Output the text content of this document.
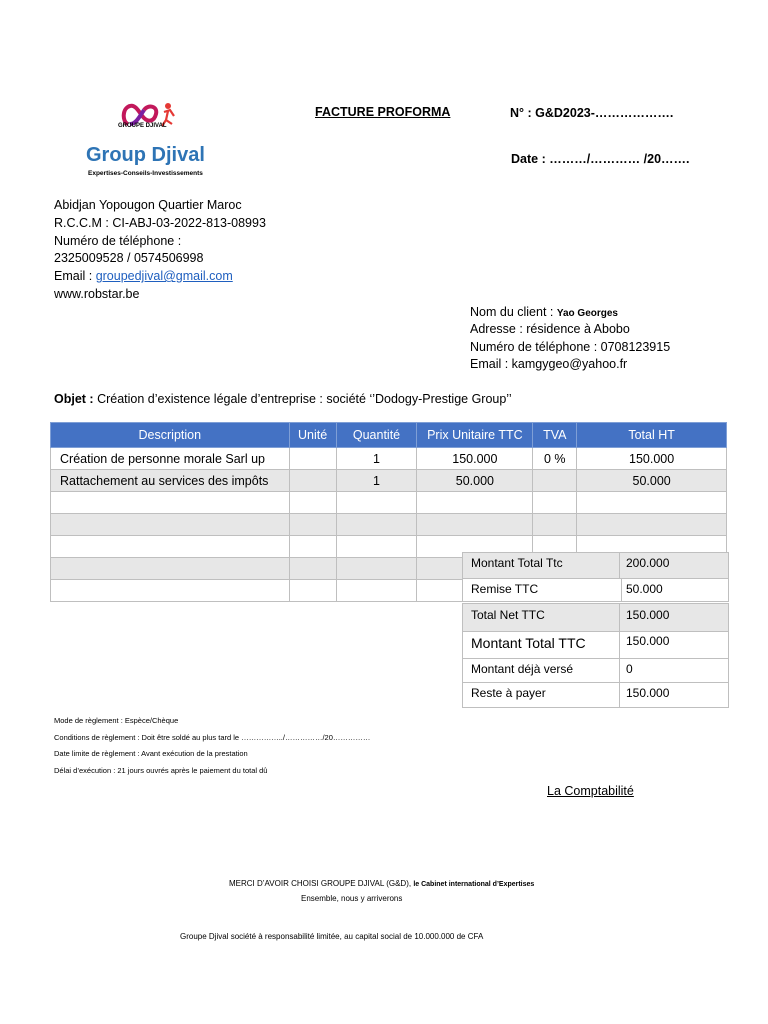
GROUPE DJIVAL
Group Djival
Expertises-Conseils-Investissements
FACTURE PROFORMA	N° : G&D2023-……………….
Date : ………/………… /20…….
Abidjan Yopougon Quartier Maroc
R.C.C.M : CI-ABJ-03-2022-813-08993
Numéro de téléphone :
2325009528 / 0574506998
Email : groupedjival@gmail.com
www.robstar.be
Nom du client : Yao Georges
Adresse : résidence à Abobo
Numéro de téléphone : 0708123915
Email : kamgygeo@yahoo.fr
Objet : Création d’existence légale d’entreprise : société ‘’Dodogy-Prestige Group’’
Description	Unité	Quantité	Prix Unitaire TTC	TVA	Total HT
Création de personne morale Sarl up		1	150.000	0 %	150.000
Rattachement au services des impôts		1	50.000		50.000

Montant Total Ttc	200.000
Remise TTC	50.000
Total Net TTC	150.000
Montant Total TTC	150.000
Montant déjà versé	0
Reste à payer	150.000
Mode de règlement : Espèce/Chèque
Conditions de règlement : Doit être soldé au plus tard le ……………../……………/20……………
Date limite de règlement : Avant exécution de la prestation
Délai d’exécution : 21 jours ouvrés après le paiement du total dû
La Comptabilité
MERCI D’AVOIR CHOISI GROUPE DJIVAL (G&D), le Cabinet international d’Expertises
Ensemble, nous y arriverons
Groupe Djival société à responsabilité limitée, au capital social de 10.000.000 de CFA
